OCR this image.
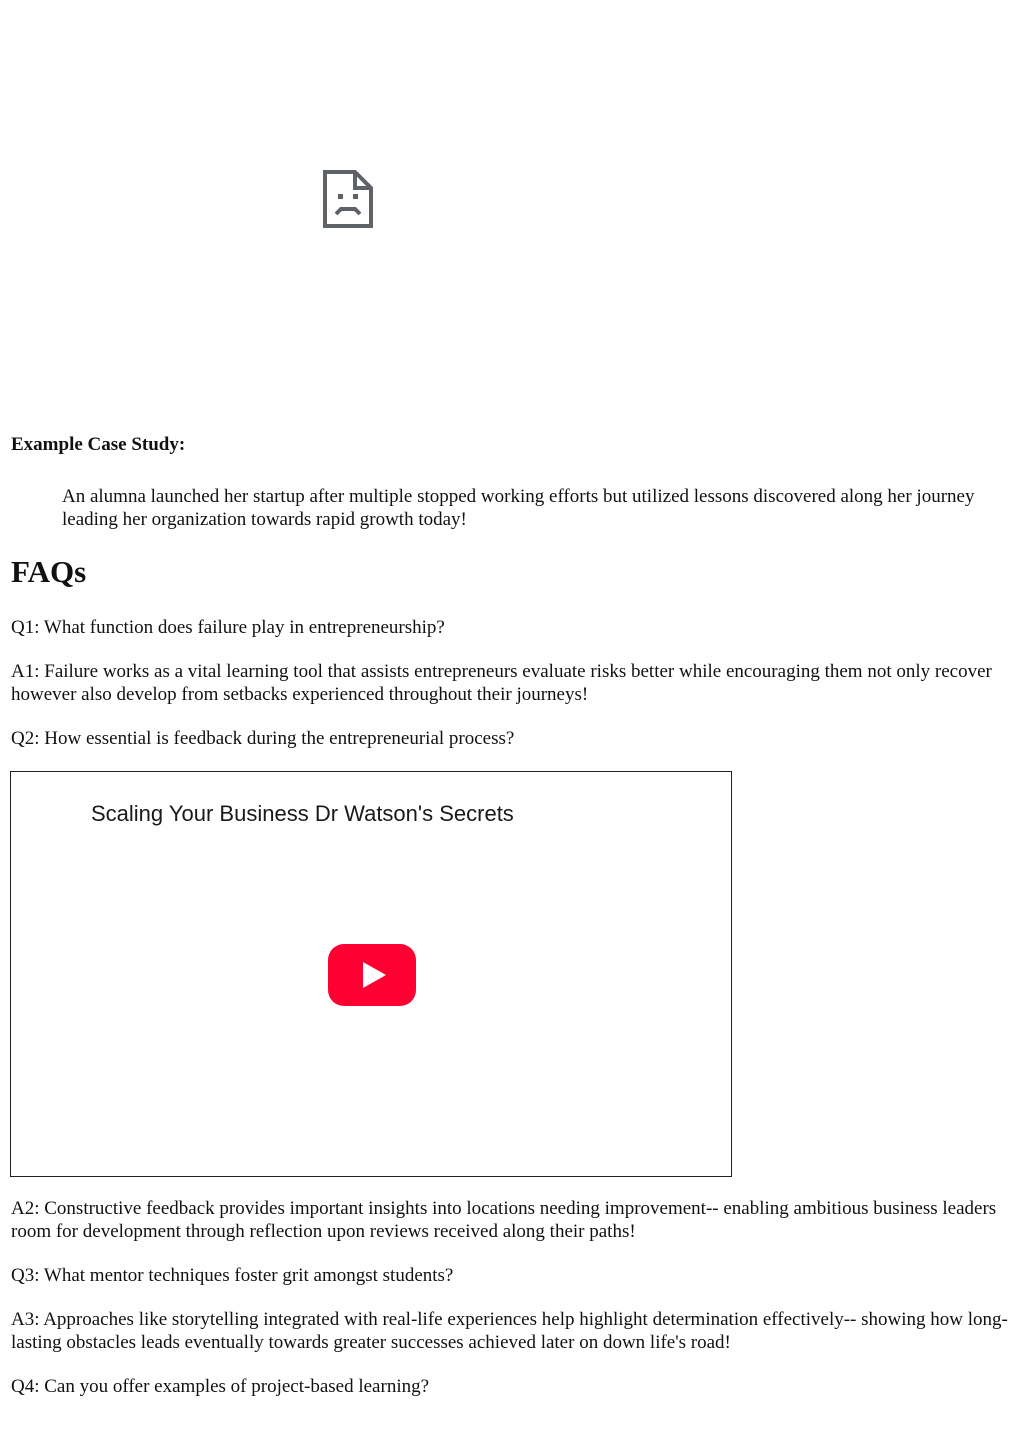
Example Case Study:

An alumna launched her startup after multiple stopped working efforts but utilized lessons discovered along her journey leading her organization towards rapid growth today!

FAQs

Q1: What function does failure play in entrepreneurship?

A1: Failure works as a vital learning tool that assists entrepreneurs evaluate risks better while encouraging them not only recover however also develop from setbacks experienced throughout their journeys!

Q2: How essential is feedback during the entrepreneurial process?

Scaling Your Business Dr Watson's Secrets

A2: Constructive feedback provides important insights into locations needing improvement-- enabling ambitious business leaders room for development through reflection upon reviews received along their paths!

Q3: What mentor techniques foster grit amongst students?

A3: Approaches like storytelling integrated with real-life experiences help highlight determination effectively-- showing how long-lasting obstacles leads eventually towards greater successes achieved later on down life's road!

Q4: Can you offer examples of project-based learning?
